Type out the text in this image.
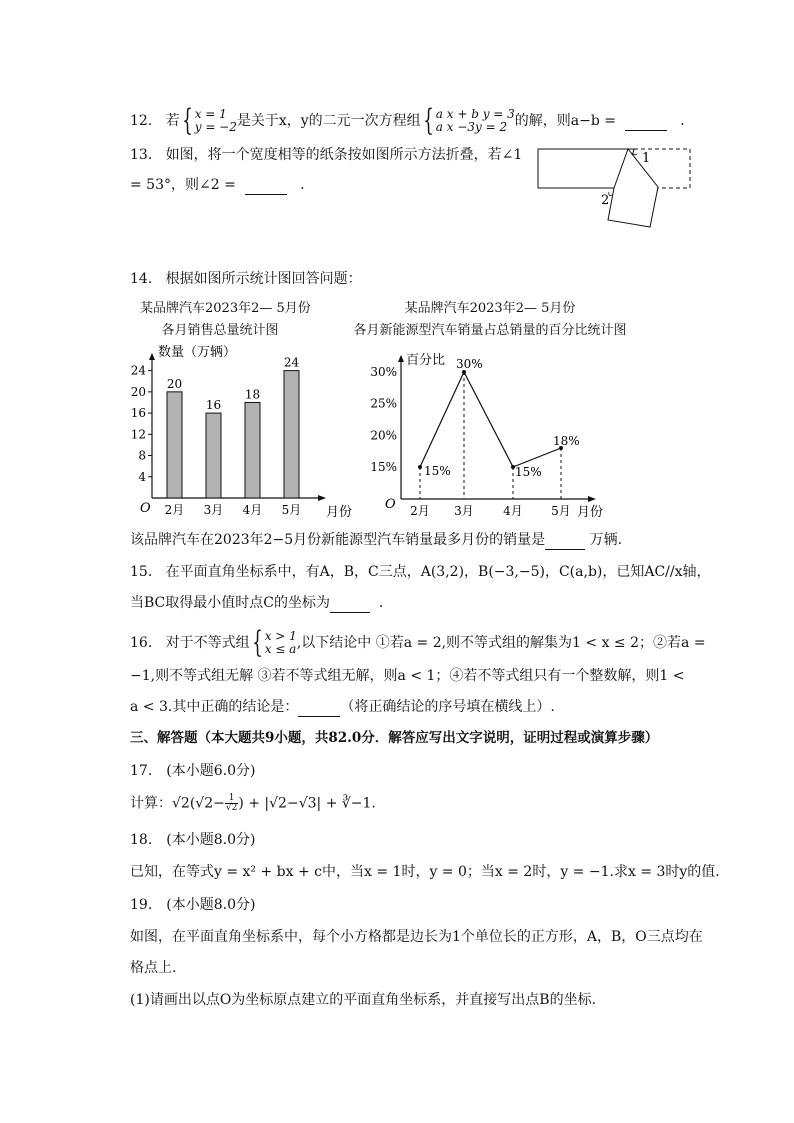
12. 若{ x = 1
y = −2 是关于x，y的二元一次方程组{ a x + b y = 3
a x −3y = 2 的解，则a−b =	.
13. 如图，将一个宽度相等的纸条按如图所示方法折叠，若∠1
= 53°，则∠2 =	.
1
2
14. 根据如图所示统计图回答问题：
某品牌汽车2023年2— 5月份
各月销售总量统计图
某品牌汽车2023年2— 5月份
各月新能源型汽车销量占总销量的百分比统计图
数量（万辆）
月份
O
4
8
12
16
20
24
20
2月
16
3月
18
4月
24
5月
百分比
月份
O
15%
20%
25%
30%
15%
2月
30%
3月
15%
4月
18%
5月
该品牌汽车在2023年2−5月份新能源型汽车销量最多月份的销量是	万辆.
15. 在平面直角坐标系中，有A，B，C三点，A(3,2)，B(−3,−5)，C(a,b)，已知AC//x轴，
当BC取得最小值时点C的坐标为	.
16. 对于不等式组{ x > 1
x ≤ a ,以下结论中 ①若a = 2,则不等式组的解集为1 < x ≤ 2；②若a =
−1,则不等式组无解 ③若不等式组无解，则a < 1；④若不等式组只有一个整数解，则1 <
a < 3.其中正确的结论是：	（将正确结论的序号填在横线上）.
三、解答题（本大题共9小题，共82.0分．解答应写出文字说明，证明过程或演算步骤）
17.　(本小题6.0分)
计算：$√2(√2- \frac{1}{√2}$ ) + |√2−√3| + ∛−1.
18.　(本小题8.0分)
已知，在等式y = x² + bx + c中，当x = 1时，y = 0；当x = 2时，y = −1.求x = 3时y的值.
19.　(本小题8.0分)
如图，在平面直角坐标系中，每个小方格都是边长为1个单位长的正方形，A，B，O三点均在
格点上.
(1)请画出以点O为坐标原点建立的平面直角坐标系，并直接写出点B的坐标.
